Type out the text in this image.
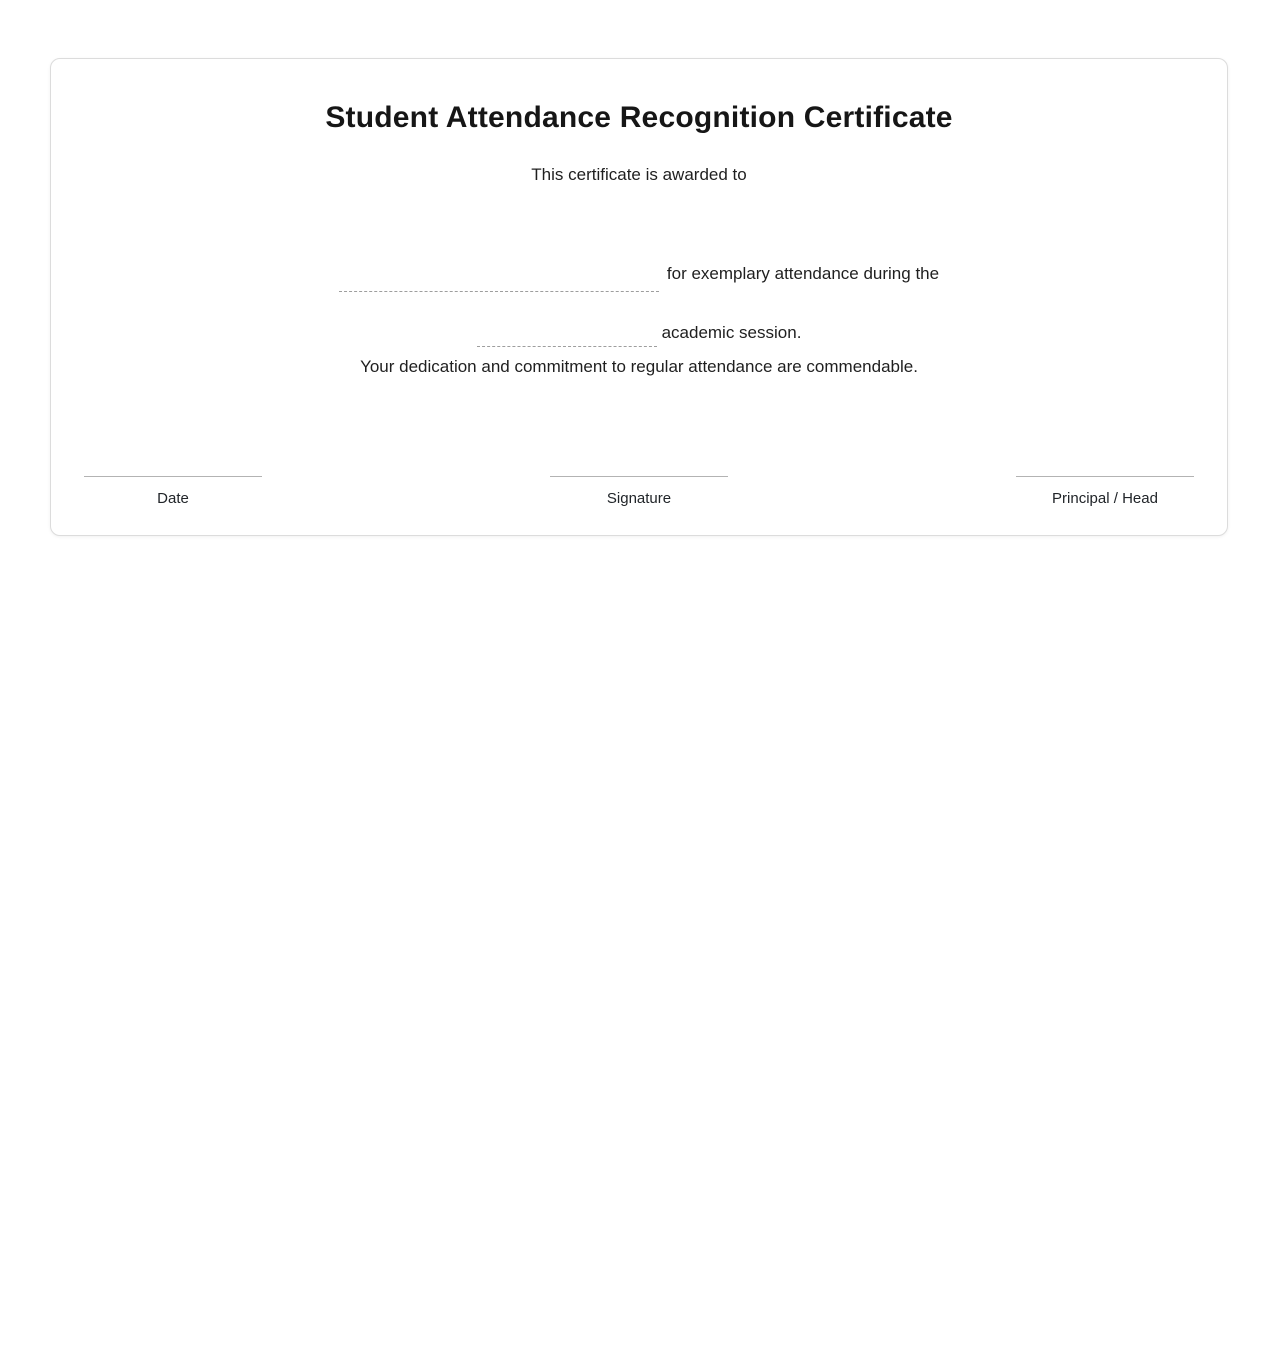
Student Attendance Recognition Certificate

This certificate is awarded to

for exemplary attendance during the

academic session.

Your dedication and commitment to regular attendance are commendable.

Date	Signature	Principal / Head
